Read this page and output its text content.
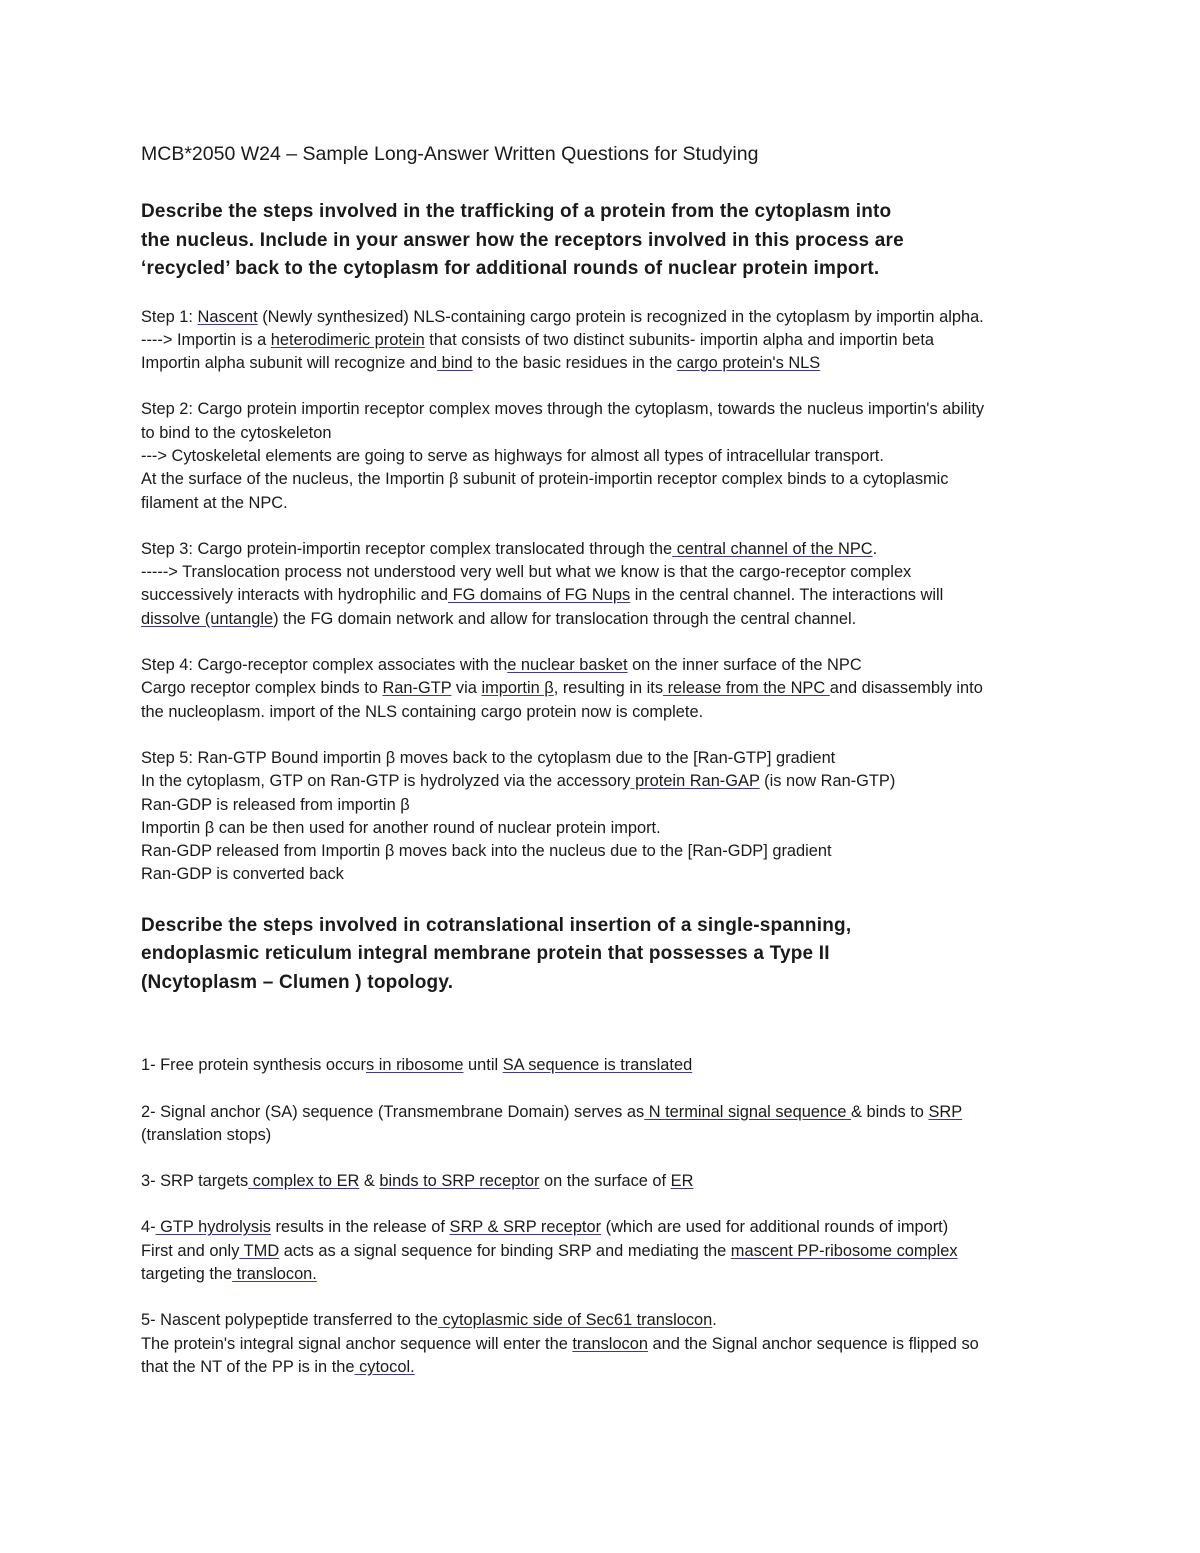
MCB*2050 W24 – Sample Long-Answer Written Questions for Studying

Describe the steps involved in the trafficking of a protein from the cytoplasm into
the nucleus. Include in your answer how the receptors involved in this process are
‘recycled’ back to the cytoplasm for additional rounds of nuclear protein import.
Step 1: Nascent (Newly synthesized) NLS-containing cargo protein is recognized in the cytoplasm by importin alpha.
----> Importin is a heterodimeric protein that consists of two distinct subunits- importin alpha and importin beta
Importin alpha subunit will recognize and bind to the basic residues in the cargo protein's NLS
Step 2: Cargo protein importin receptor complex moves through the cytoplasm, towards the nucleus importin's ability
to bind to the cytoskeleton
---> Cytoskeletal elements are going to serve as highways for almost all types of intracellular transport.
At the surface of the nucleus, the Importin β subunit of protein-importin receptor complex binds to a cytoplasmic
filament at the NPC.
Step 3: Cargo protein-importin receptor complex translocated through the central channel of the NPC.
-----> Translocation process not understood very well but what we know is that the cargo-receptor complex
successively interacts with hydrophilic and FG domains of FG Nups in the central channel. The interactions will
dissolve (untangle) the FG domain network and allow for translocation through the central channel.
Step 4: Cargo-receptor complex associates with the nuclear basket on the inner surface of the NPC
Cargo receptor complex binds to Ran-GTP via importin β, resulting in its release from the NPC and disassembly into
the nucleoplasm. import of the NLS containing cargo protein now is complete.
Step 5: Ran-GTP Bound importin β moves back to the cytoplasm due to the [Ran-GTP] gradient
In the cytoplasm, GTP on Ran-GTP is hydrolyzed via the accessory protein Ran-GAP (is now Ran-GTP)
Ran-GDP is released from importin β
Importin β can be then used for another round of nuclear protein import.
Ran-GDP released from Importin β moves back into the nucleus due to the [Ran-GDP] gradient
Ran-GDP is converted back
Describe the steps involved in cotranslational insertion of a single-spanning,
endoplasmic reticulum integral membrane protein that possesses a Type II
(Ncytoplasm – Clumen ) topology.
1- Free protein synthesis occurs in ribosome until SA sequence is translated
2- Signal anchor (SA) sequence (Transmembrane Domain) serves as N terminal signal sequence & binds to SRP
(translation stops)
3- SRP targets complex to ER & binds to SRP receptor on the surface of ER
4- GTP hydrolysis results in the release of SRP & SRP receptor (which are used for additional rounds of import)
First and only TMD acts as a signal sequence for binding SRP and mediating the mascent PP-ribosome complex
targeting the translocon.
5- Nascent polypeptide transferred to the cytoplasmic side of Sec61 translocon.
The protein's integral signal anchor sequence will enter the translocon and the Signal anchor sequence is flipped so
that the NT of the PP is in the cytocol.
